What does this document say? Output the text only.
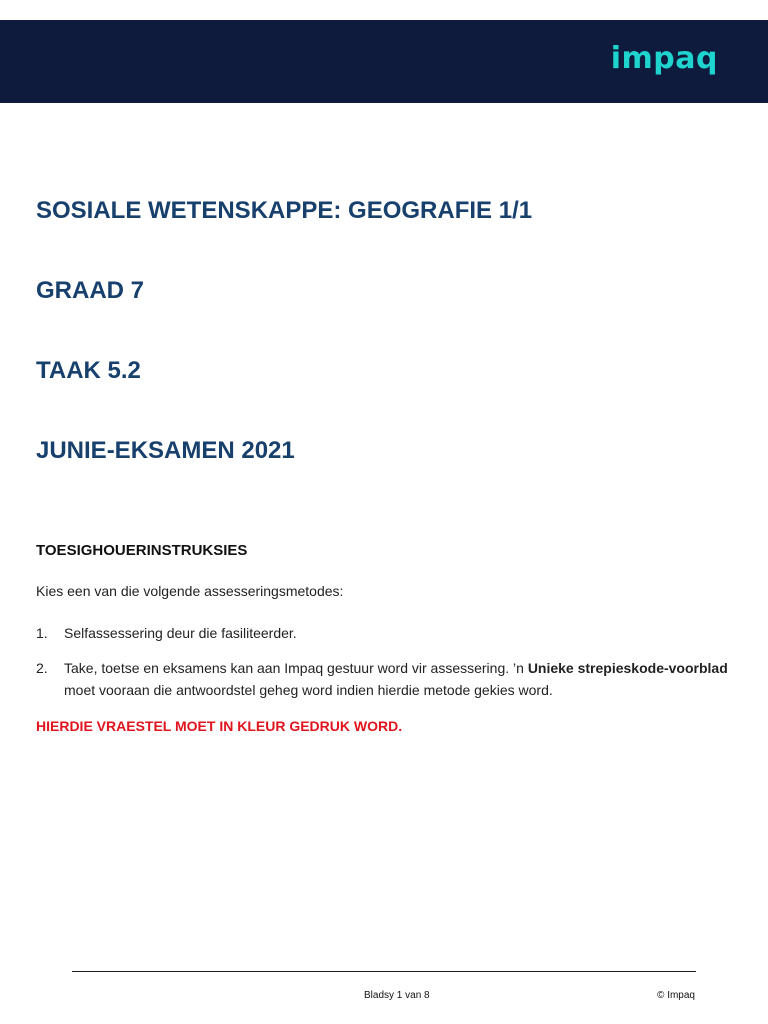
impaq
SOSIALE WETENSKAPPE: GEOGRAFIE 1/1
GRAAD 7
TAAK 5.2
JUNIE-EKSAMEN 2021
TOESIGHOUERINSTRUKSIES

Kies een van die volgende assesseringsmetodes:

1. Selfassessering deur die fasiliteerder.
2. Take, toetse en eksamens kan aan Impaq gestuur word vir assessering. ’n Unieke strepieskode-voorblad moet vooraan die antwoordstel geheg word indien hierdie metode gekies word.

HIERDIE VRAESTEL MOET IN KLEUR GEDRUK WORD.

Bladsy 1 van 8	© Impaq
